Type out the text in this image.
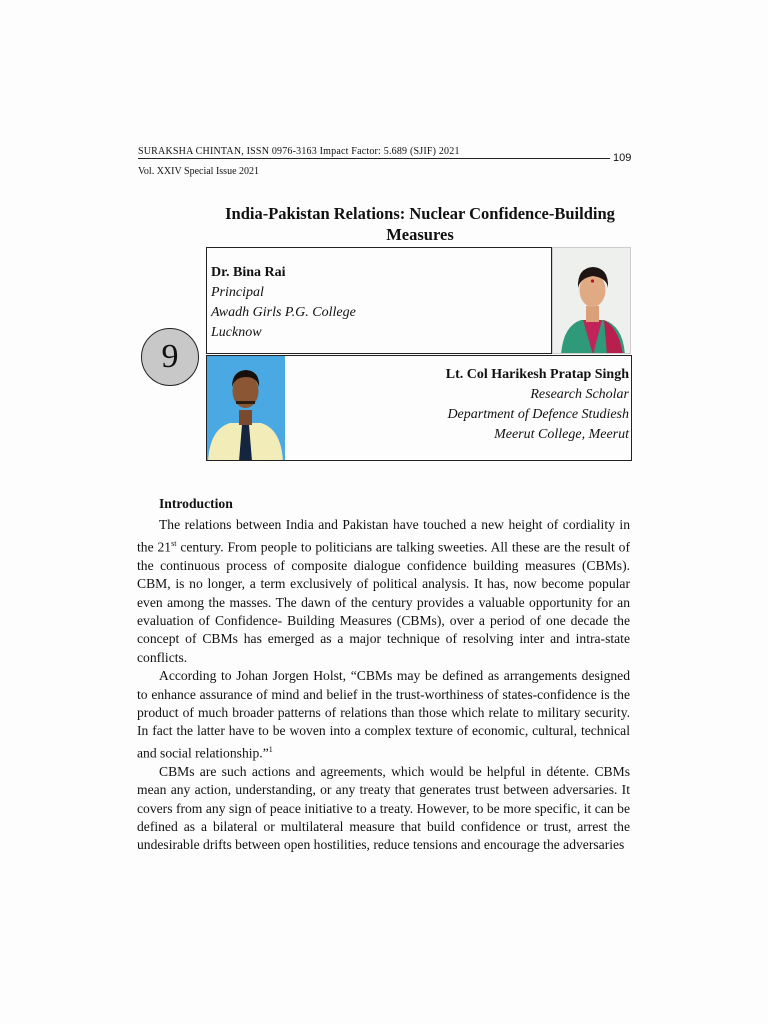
SURAKSHA CHINTAN, ISSN 0976-3163 Impact Factor: 5.689 (SJIF) 2021
109
Vol. XXIV Special Issue 2021
India-Pakistan Relations: Nuclear Confidence-Building
Measures
Dr. Bina Rai
Principal
Awadh Girls P.G. College
Lucknow
Lt. Col Harikesh Pratap Singh
Research Scholar
Department of Defence Studiesh
Meerut College, Meerut
9
Introduction

The relations between India and Pakistan have touched a new height of cordiality in the 21st century. From people to politicians are talking sweeties. All these are the result of the continuous process of composite dialogue confidence building measures (CBMs). CBM, is no longer, a term exclusively of political analysis. It has, now become popular even among the masses. The dawn of the century provides a valuable opportunity for an evaluation of Confidence- Building Measures (CBMs), over a period of one decade the concept of CBMs has emerged as a major technique of resolving inter and intra-state conflicts.

According to Johan Jorgen Holst, “CBMs may be defined as arrangements designed to enhance assurance of mind and belief in the trust-worthiness of states-confidence is the product of much broader patterns of relations than those which relate to military security. In fact the latter have to be woven into a complex texture of economic, cultural, technical and social relationship.”$^1$

CBMs are such actions and agreements, which would be helpful in détente. CBMs mean any action, understanding, or any treaty that generates trust between adversaries. It covers from any sign of peace initiative to a treaty. However, to be more specific, it can be defined as a bilateral or multilateral measure that build confidence or trust, arrest the undesirable drifts between open hostilities, reduce tensions and encourage the adversaries
